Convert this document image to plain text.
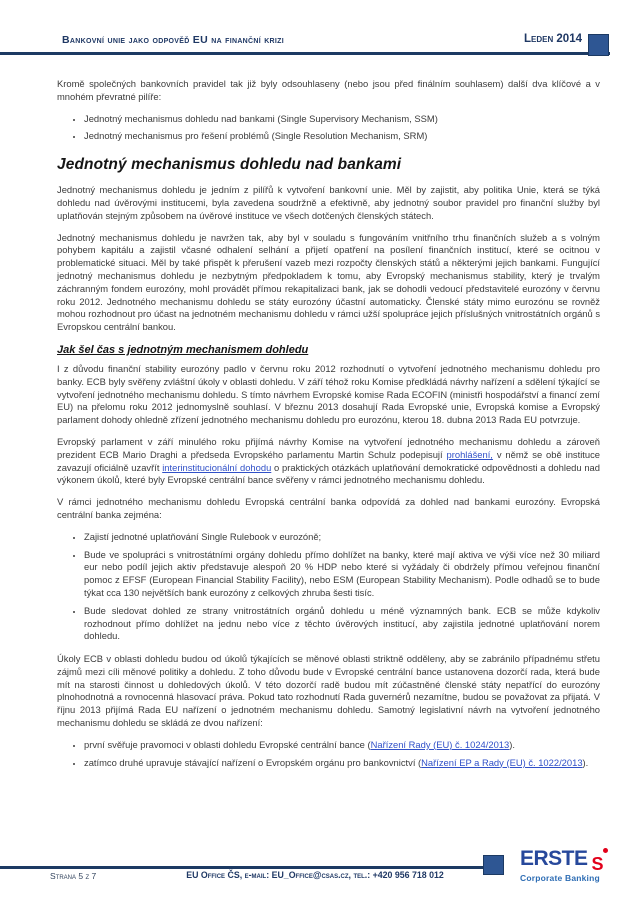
Bankovní unie jako odpověď EU na finanční krizi	Leden 2014

Kromě společných bankovních pravidel tak již byly odsouhlaseny (nebo jsou před finálním souhlasem) další dva klíčové a v mnohém převratné pilíře:

• Jednotný mechanismus dohledu nad bankami (Single Supervisory Mechanism, SSM)
• Jednotný mechanismus pro řešení problémů (Single Resolution Mechanism, SRM)
Jednotný mechanismus dohledu nad bankami

Jednotný mechanismus dohledu je jedním z pilířů k vytvoření bankovní unie. Měl by zajistit, aby politika Unie, která se týká dohledu nad úvěrovými institucemi, byla zavedena soudržně a efektivně, aby jednotný soubor pravidel pro finanční služby byl uplatňován stejným způsobem na úvěrové instituce ve všech dotčených členských státech.

Jednotný mechanismus dohledu je navržen tak, aby byl v souladu s fungováním vnitřního trhu finančních služeb a s volným pohybem kapitálu a zajistil včasné odhalení selhání a přijetí opatření na posílení finančních institucí, které se ocitnou v problematické situaci. Měl by také přispět k přerušení vazeb mezi rozpočty členských států a některými jejich bankami. Fungující jednotný mechanismus dohledu je nezbytným předpokladem k tomu, aby Evropský mechanismus stability, který je trvalým záchranným fondem eurozóny, mohl provádět přímou rekapitalizaci bank, jak se dohodli vedoucí představitelé eurozóny v červnu roku 2012. Jednotného mechanismu dohledu se státy eurozóny účastní automaticky. Členské státy mimo eurozónu se rovněž mohou rozhodnout pro účast na jednotném mechanismu dohledu v rámci užší spolupráce jejich příslušných vnitrostátních orgánů s Evropskou centrální bankou.

Jak šel čas s jednotným mechanismem dohledu

I z důvodu finanční stability eurozóny padlo v červnu roku 2012 rozhodnutí o vytvoření jednotného mechanismu dohledu pro banky. ECB byly svěřeny zvláštní úkoly v oblasti dohledu. V září téhož roku Komise předkládá návrhy nařízení a sdělení týkající se vytvoření jednotného mechanismu dohledu. S tímto návrhem Evropské komise Rada ECOFIN (ministři hospodářství a financí zemí EU) na přelomu roku 2012 jednomyslně souhlasí. V březnu 2013 dosahují Rada Evropské unie, Evropská komise a Evropský parlament dohody ohledně zřízení jednotného mechanismu dohledu pro eurozónu, kterou 18. dubna 2013 Rada EU potvrzuje.

Evropský parlament v září minulého roku přijímá návrhy Komise na vytvoření jednotného mechanismu dohledu a zároveň prezident ECB Mario Draghi a předseda Evropského parlamentu Martin Schulz podepisují prohlášení, v němž se obě instituce zavazují oficiálně uzavřít interinstitucionální dohodu o praktických otázkách uplatňování demokratické odpovědnosti a dohledu nad výkonem úkolů, které byly Evropské centrální bance svěřeny v rámci jednotného mechanismu dohledu.

V rámci jednotného mechanismu dohledu Evropská centrální banka odpovídá za dohled nad bankami eurozóny. Evropská centrální banka zejména:

• Zajistí jednotné uplatňování Single Rulebook v eurozóně;
• Bude ve spolupráci s vnitrostátními orgány dohledu přímo dohlížet na banky, které mají aktiva ve výši více než 30 miliard eur nebo podíl jejich aktiv představuje alespoň 20 % HDP nebo které si vyžádaly či obdržely přímou veřejnou finanční pomoc z EFSF (European Financial Stability Facility), nebo ESM (European Stability Mechanism). Podle odhadů se to bude týkat cca 130 největších bank eurozóny z celkových zhruba šesti tisíc.
• Bude sledovat dohled ze strany vnitrostátních orgánů dohledu u méně významných bank. ECB se může kdykoliv rozhodnout přímo dohlížet na jednu nebo více z těchto úvěrových institucí, aby zajistila jednotné uplatňování norem dohledu.

Úkoly ECB v oblasti dohledu budou od úkolů týkajících se měnové oblasti striktně odděleny, aby se zabránilo případnému střetu zájmů mezi cíli měnové politiky a dohledu. Z toho důvodu bude v Evropské centrální bance ustanovena dozorčí rada, která bude mít na starosti činnost u dohledových úkolů. V této dozorčí radě budou mít zúčastněné členské státy nepatřící do eurozóny plnohodnotná a rovnocenná hlasovací práva. Pokud tato rozhodnutí Rada guvernérů nezamítne, budou se považovat za přijatá. V říjnu 2013 přijímá Rada EU nařízení o jednotném mechanismu dohledu. Samotný legislativní návrh na vytvoření jednotného mechanismu dohledu se skládá ze dvou nařízení:

• první svěřuje pravomoci v oblasti dohledu Evropské centrální bance (Nařízení Rady (EU) č. 1024/2013).
• zatímco druhé upravuje stávající nařízení o Evropském orgánu pro bankovnictví (Nařízení EP a Rady (EU) č. 1022/2013).
Strana 5 z 7	EU Office ČS, e-mail: EU_Office@csas.cz, tel.: +420 956 718 012
ERSTE S
Corporate Banking
